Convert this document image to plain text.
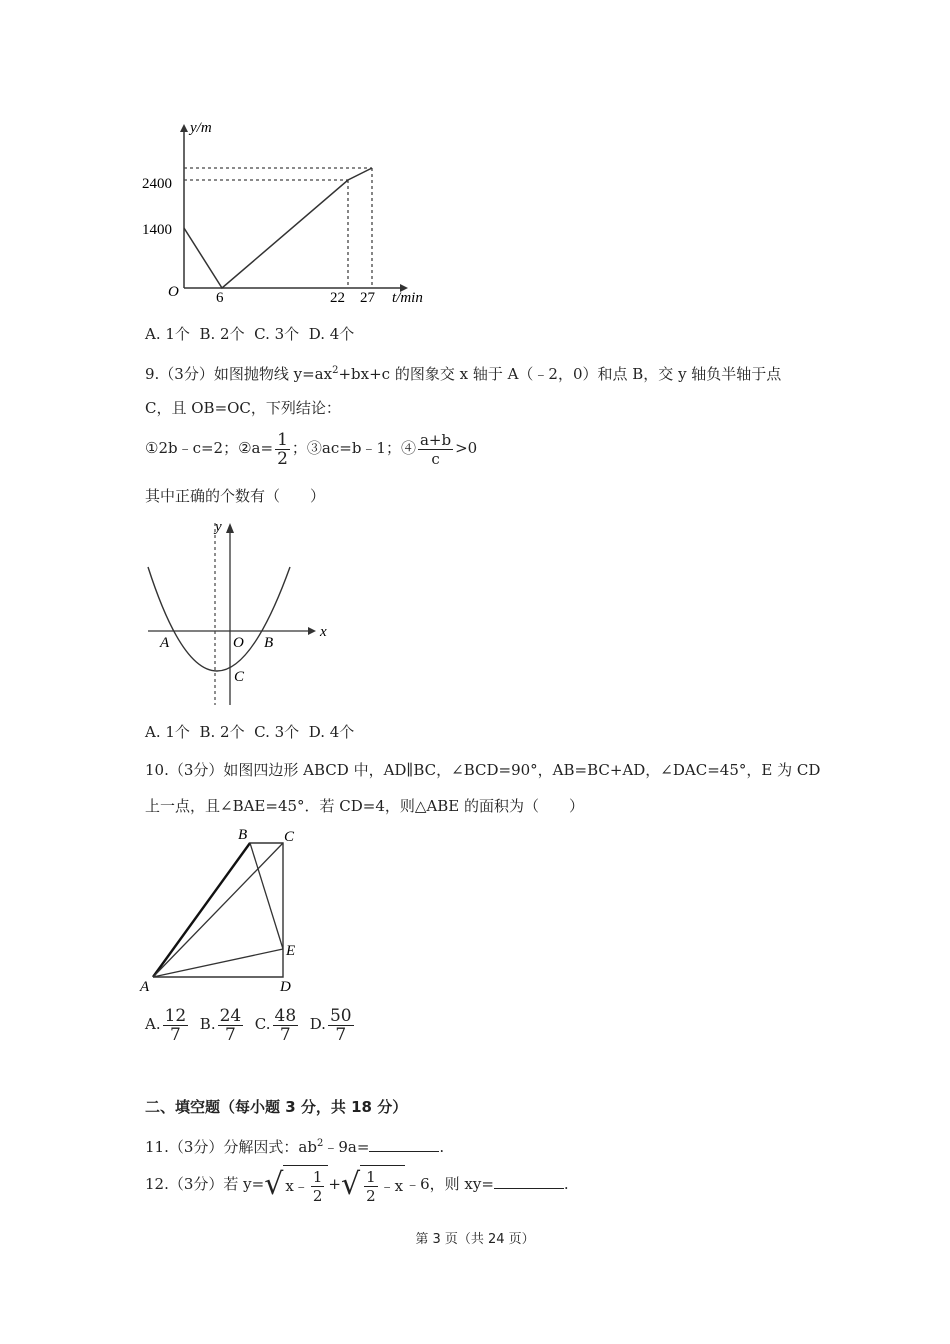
y/m
t/min
O
2400
1400
6	22 27
A. 1个 B. 2个 C. 3个 D. 4个
9.（3分）如图抛物线 $y=ax^2+bx+c$ 的图象交 x 轴于 A（﹣2，0）和点 B，交 y 轴负半轴于点
C，且 OB=OC，下列结论：
①2b﹣c=2；②a= $\frac{1}{2}$ ；③ac=b﹣1；④ $\frac{a+b}{c} >0$
其中正确的个数有（　　）
x
y
A	O B
C
A. 1个 B. 2个 C. 3个 D. 4个
10.（3分）如图四边形 ABCD 中，AD∥BC，∠BCD=90°，AB=BC+AD，∠DAC=45°，E 为 CD
上一点，且∠BAE=45°．若 CD=4，则△ABE 的面积为（　　）
B C
E
A	D
A. $\frac{12}{7} B$. $\frac{24}{7} C$. $\frac{48}{7} D$. $\frac{50}{7}$
二、填空题（每小题 3 分，共 18 分）
11.（3分）分解因式：$ab^2﹣9a=$	.
12.（3分）若 y=√ x﹣ $\frac{1}{2}$ +√ $\frac{1}{2}$ ﹣x ﹣6，则 xy=	.
第 3 页（共 24 页）
